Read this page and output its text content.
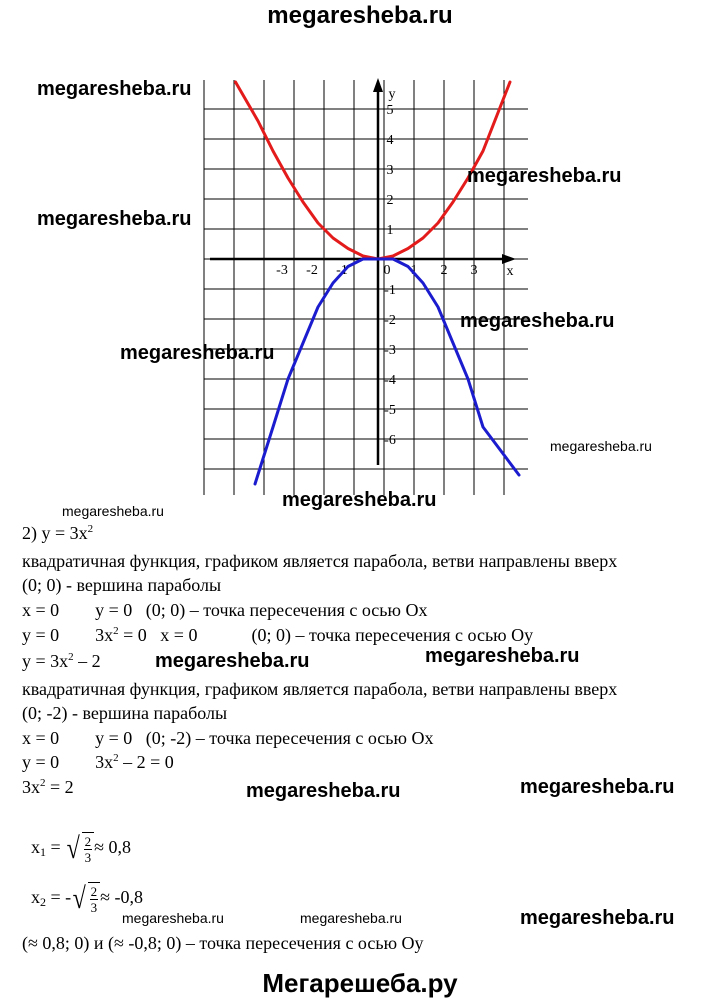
megaresheba.ru
y
x
-3 -2 -1	0 1 2 3
5
4
3
2
1
-1
-2
-3
-4
-5
-6
megaresheba.ru
megaresheba.ru
megaresheba.ru
megaresheba.ru
megaresheba.ru
megaresheba.ru
megaresheba.ru
megaresheba.ru
megaresheba.ru	megaresheba.ru
megaresheba.ru	megaresheba.ru
megaresheba.ru	megaresheba.ru	megaresheba.ru
2) $y = 3x^2$
квадратичная функция, графиком является парабола, ветви направлены вверх
(0; 0) - вершина параболы
x = 0        y = 0   (0; 0) – точка пересечения с осью Ox
y = 0        $3x^2 = 0$   x = 0            (0; 0) – точка пересечения с осью Oy
$y = 3x^2 - 2$
квадратичная функция, графиком является парабола, ветви направлены вверх
(0; -2) - вершина параболы
x = 0        y = 0   (0; -2) – точка пересечения с осью Ox
y = 0        $3x^2 - 2 = 0$
$3x^2 = 2$

$x_1$ = √ $\frac{2}{3} \approx 0,8$

$x_2$ = - √ $\frac{2}{3} \approx -0,8$

(≈ 0,8; 0) и (≈ -0,8; 0) – точка пересечения с осью Oy
Мегарешеба.ру
